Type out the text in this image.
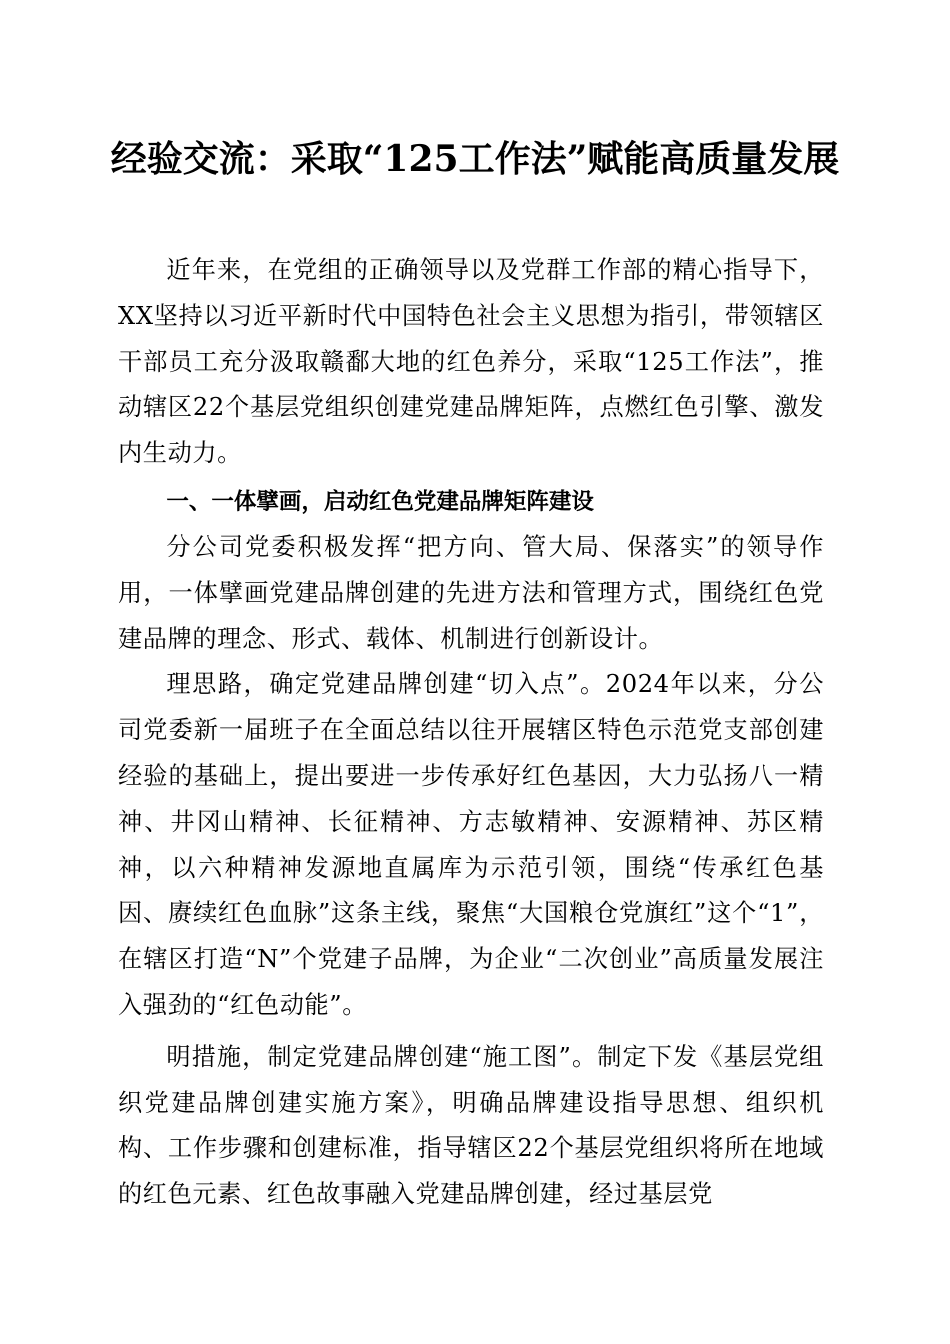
经验交流：采取“125工作法”赋能高质量发展

近年来，在党组的正确领导以及党群工作部的精心指导下，XX坚持以习近平新时代中国特色社会主义思想为指引，带领辖区干部员工充分汲取赣鄱大地的红色养分，采取“125工作法”，推动辖区22个基层党组织创建党建品牌矩阵，点燃红色引擎、激发内生动力。

一、一体擘画，启动红色党建品牌矩阵建设

分公司党委积极发挥“把方向、管大局、保落实”的领导作用，一体擘画党建品牌创建的先进方法和管理方式，围绕红色党建品牌的理念、形式、载体、机制进行创新设计。

理思路，确定党建品牌创建“切入点”。2024年以来，分公司党委新一届班子在全面总结以往开展辖区特色示范党支部创建经验的基础上，提出要进一步传承好红色基因，大力弘扬八一精神、井冈山精神、长征精神、方志敏精神、安源精神、苏区精神，以六种精神发源地直属库为示范引领，围绕“传承红色基因、赓续红色血脉”这条主线，聚焦“大国粮仓党旗红”这个“1”，在辖区打造“N”个党建子品牌，为企业“二次创业”高质量发展注入强劲的“红色动能”。

明措施，制定党建品牌创建“施工图”。制定下发《基层党组织党建品牌创建实施方案》，明确品牌建设指导思想、组织机构、工作步骤和创建标准，指导辖区22个基层党组织将所在地域的红色元素、红色故事融入党建品牌创建，经过基层党
